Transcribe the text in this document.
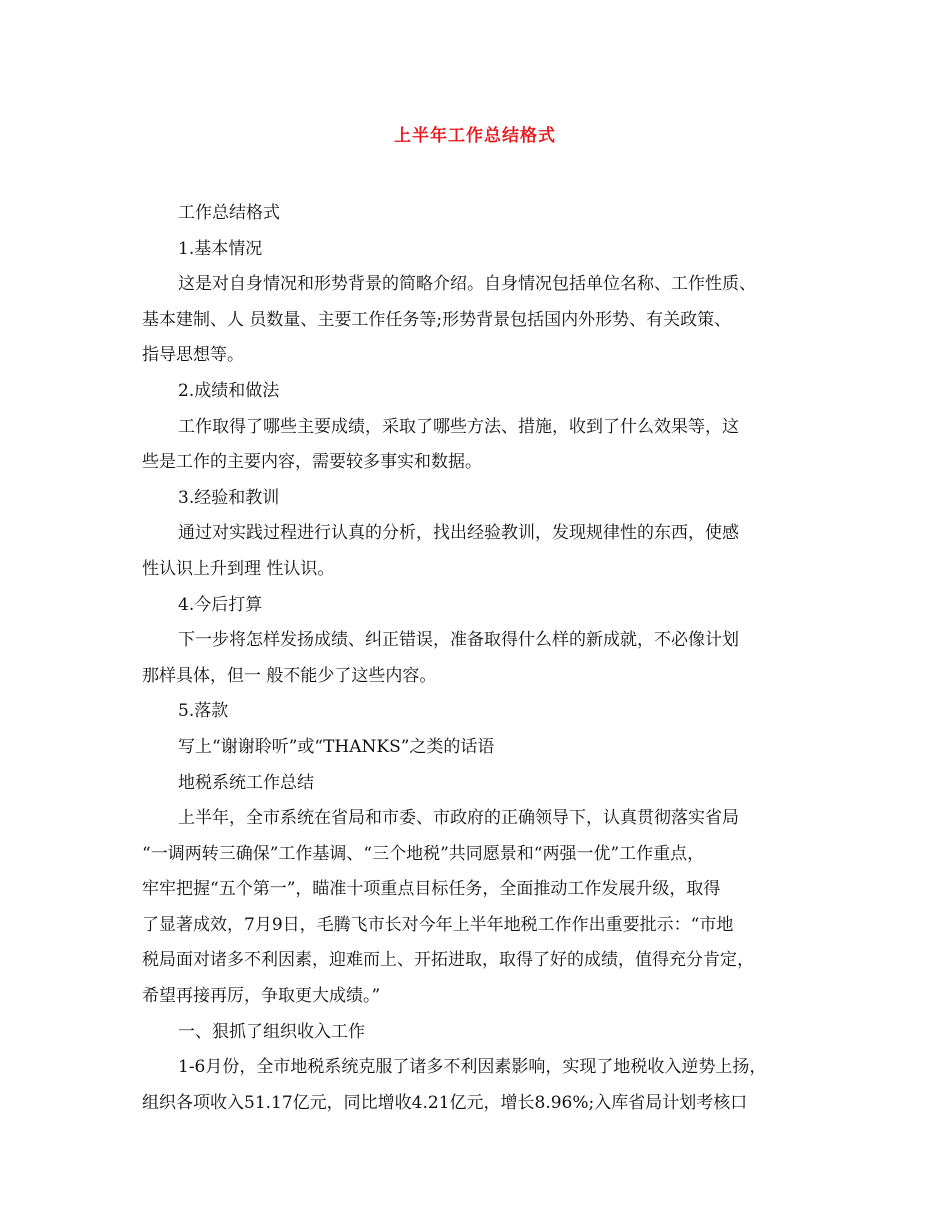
上半年工作总结格式
工作总结格式
1.基本情况
这是对自身情况和形势背景的简略介绍。自身情况包括单位名称、工作性质、
基本建制、人 员数量、主要工作任务等;形势背景包括国内外形势、有关政策、
指导思想等。
2.成绩和做法
工作取得了哪些主要成绩，采取了哪些方法、措施，收到了什么效果等，这
些是工作的主要内容，需要较多事实和数据。
3.经验和教训
通过对实践过程进行认真的分析，找出经验教训，发现规律性的东西，使感
性认识上升到理 性认识。
4.今后打算
下一步将怎样发扬成绩、纠正错误，准备取得什么样的新成就，不必像计划
那样具体，但一 般不能少了这些内容。
5.落款
写上“谢谢聆听”或“THANKS”之类的话语
地税系统工作总结
上半年，全市系统在省局和市委、市政府的正确领导下，认真贯彻落实省局
“一调两转三确保”工作基调、“三个地税”共同愿景和“两强一优”工作重点，
牢牢把握“五个第一”，瞄准十项重点目标任务，全面推动工作发展升级，取得
了显著成效，7月9日，毛腾飞市长对今年上半年地税工作作出重要批示：“市地
税局面对诸多不利因素，迎难而上、开拓进取，取得了好的成绩，值得充分肯定，
希望再接再厉，争取更大成绩。”
一、狠抓了组织收入工作
1-6月份，全市地税系统克服了诸多不利因素影响，实现了地税收入逆势上扬，
组织各项收入51.17亿元，同比增收4.21亿元，增长8.96%;入库省局计划考核口
